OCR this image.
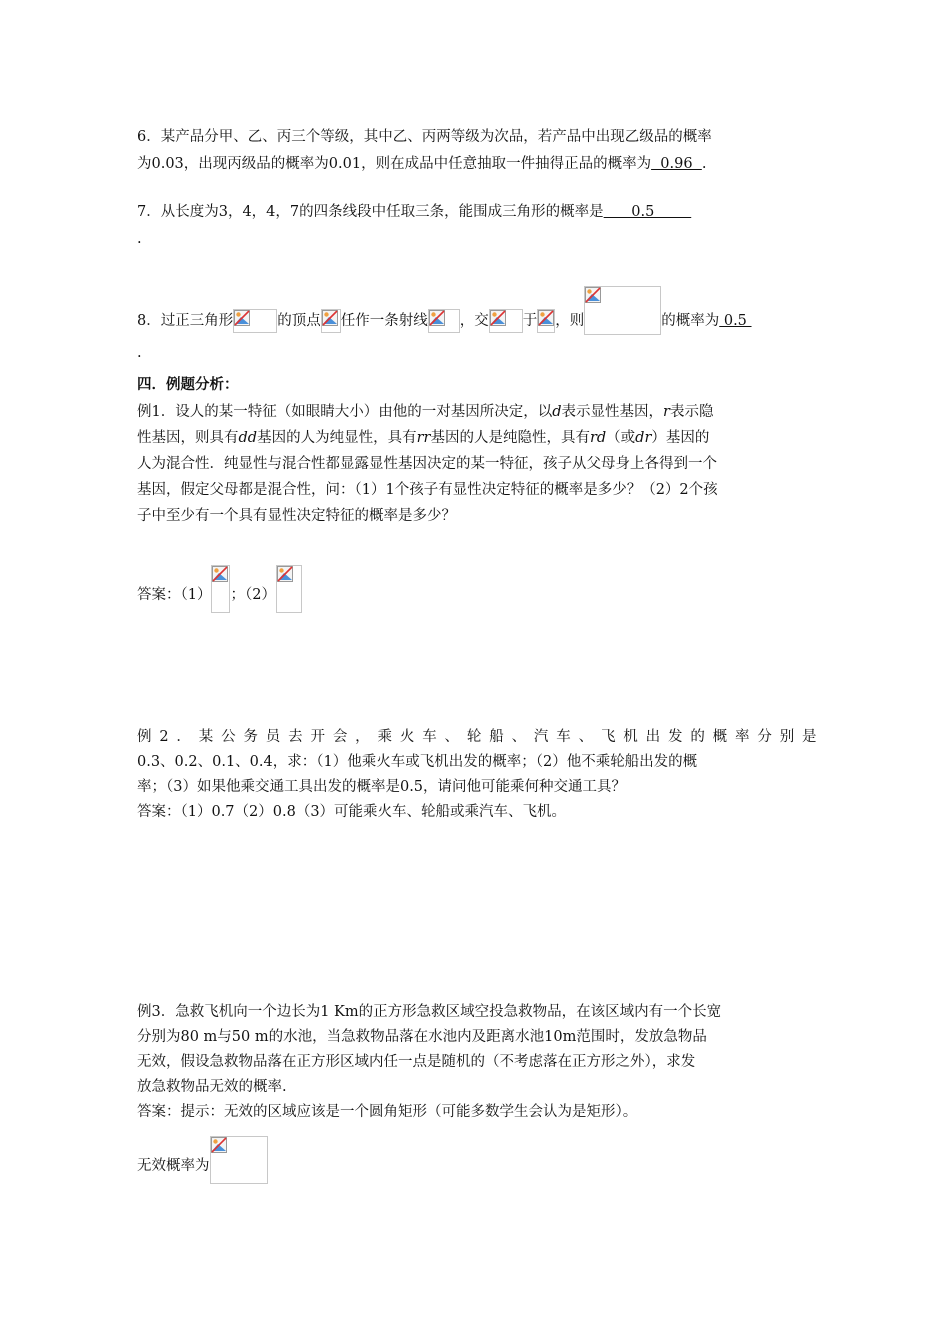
6．某产品分甲、乙、丙三个等级，其中乙、丙两等级为次品，若产品中出现乙级品的概率
为0.03，出现丙级品的概率为0.01，则在成品中任意抽取一件抽得正品的概率为  0.96  .
7．从长度为3，4，4，7的四条线段中任取三条，能围成三角形的概率是      0.5
.
8．过正三角形	的顶点 任作一条射线 ，交 于 ，则	的概率为 0.5
.
四．例题分析：
例1．设人的某一特征（如眼睛大小）由他的一对基因所决定，以d表示显性基因，r表示隐
性基因，则具有dd基因的人为纯显性，具有rr基因的人是纯隐性，具有rd（或dr）基因的
人为混合性．纯显性与混合性都显露显性基因决定的某一特征，孩子从父母身上各得到一个
基因，假定父母都是混合性，问：（1）1个孩子有显性决定特征的概率是多少？（2）2个孩
子中至少有一个具有显性决定特征的概率是多少？
答案：（1） ；（2）
例 2 ． 某 公 务 员 去 开 会 ， 乘 火 车 、 轮 船 、 汽 车 、 飞 机 出 发 的 概 率 分 别 是
0.3、0.2、0.1、0.4，求：（1）他乘火车或飞机出发的概率；（2）他不乘轮船出发的概
率；（3）如果他乘交通工具出发的概率是0.5，请问他可能乘何种交通工具？
答案：（1）0.7（2）0.8（3）可能乘火车、轮船或乘汽车、飞机。
例3．急救飞机向一个边长为1 Km的正方形急救区域空投急救物品，在该区域内有一个长宽
分别为80 m与50 m的水池，当急救物品落在水池内及距离水池10m范围时，发放急物品
无效，假设急救物品落在正方形区域内任一点是随机的（不考虑落在正方形之外），求发
放急救物品无效的概率.
答案：提示：无效的区域应该是一个圆角矩形（可能多数学生会认为是矩形）。
无效概率为
